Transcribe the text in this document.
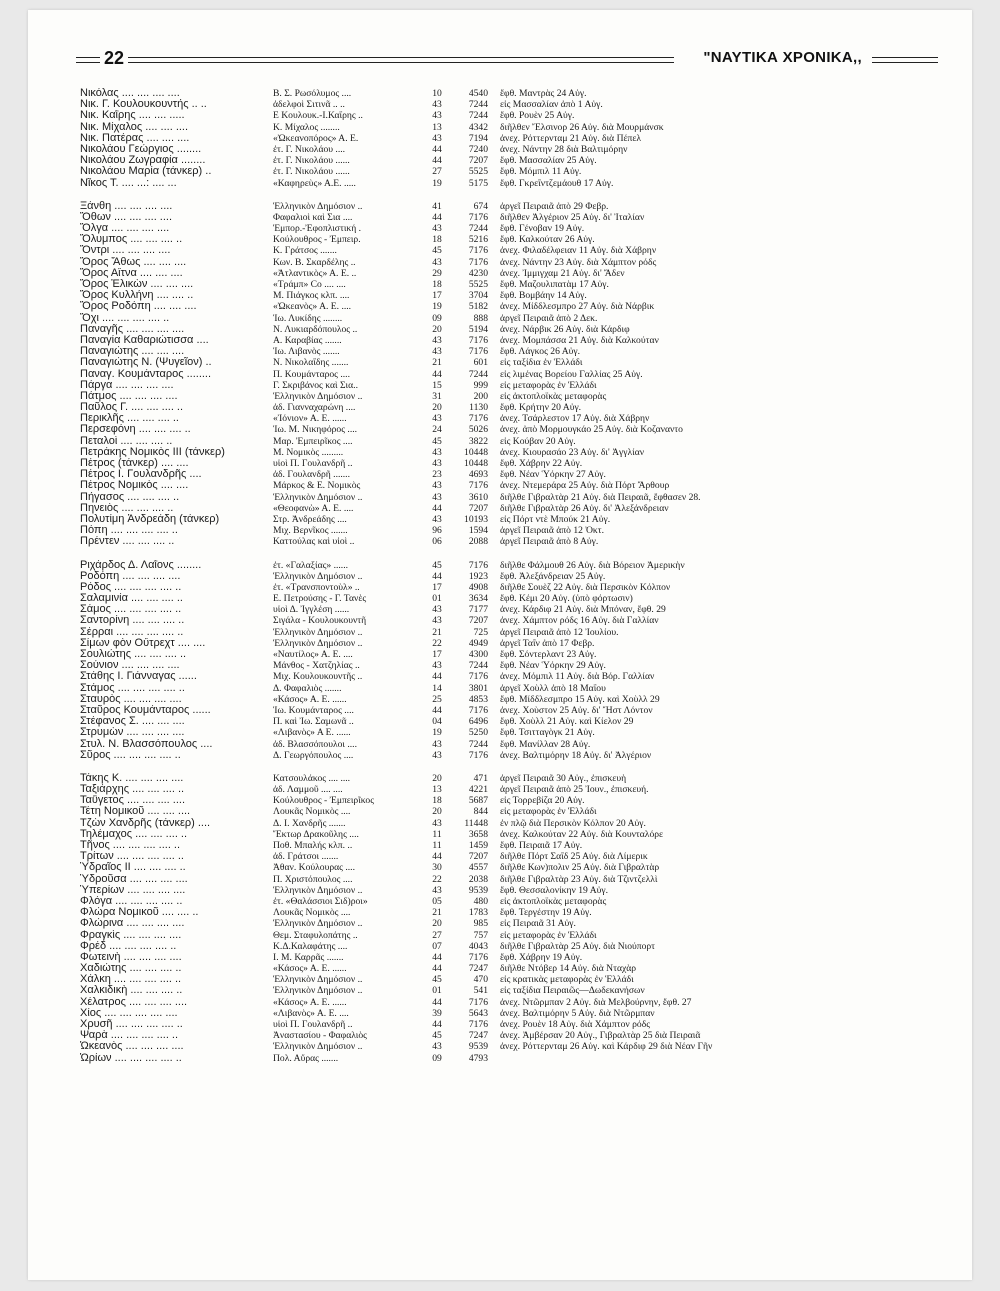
22	"ΝΑΥΤΙΚΑ ΧΡΟΝΙΚΑ,,
Νικόλας .... .... .... ....	Β. Σ. Ρωσόλυμος ....	10	4540	ἔφθ. Μαντρὰς 24 Αὐγ.
Νικ. Γ. Κουλουκουντής .. ..	ἀδελφοὶ Σιτινᾶ .. ..	43	7244	εἰς Μασσαλίαν ἀπὸ 1 Αὐγ.
Νικ. Καΐρης .... .... .....	Ε Κουλουκ.-Ι.Καΐρης ..	43	7244	ἔφθ. Ρουὲν 25 Αὐγ.
Νικ. Μίχαλος .... .... ....	Κ. Μίχαλος ........	13	4342	διῆλθεν Ἔλσινορ 26 Αὐγ. διὰ Μουρμάνσκ
Νικ. Πατέρας .... .... ....	«Ὠκεανοπόρος» Α. Ε.	43	7194	ἀνεχ. Ρόττερνταμ 21 Αὐγ. διὰ Πέπελ
Νικολάου Γεώργιος ........	ἐτ. Γ. Νικολάου ....	44	7240	ἀνεχ. Νάντην 28 διὰ Βαλτιμόρην
Νικολάου Ζωγραφία ........	ἐτ. Γ. Νικολάου ......	44	7207	ἔφθ. Μασσαλίαν 25 Αὐγ.
Νικολάου Μαρία (τάνκερ) ..	ἐτ. Γ. Νικολάου ......	27	5525	ἔφθ. Μόμπιλ 11 Αὐγ.
Νῖκος Τ. .... ...: .... ...	«Καφηρεὺς» Α.Ε. .....	19	5175	ἔφθ. Γκρεΐντζεμάουθ 17 Αὐγ.
Ξάνθη .... .... .... ....	Ἑλληνικὸν Δημόσιον ..	41	674	ἀργεῖ Πειραιᾶ ἀπὸ 29 Φεβρ.
Ὄθων .... .... .... ....	Φαφαλιοὶ καὶ Σια ....	44	7176	διῆλθεν Ἀλγέριον 25 Αὐγ. δι' Ἰταλίαν
Ὄλγα .... .... .... ....	Ἐμπορ.-Ἐφοπλιστική .	43	7244	ἔφθ. Γένοβαν 19 Αὐγ.
Ὄλυμπος .... .... .... ..	Κούλουθρος - Ἐμπειρ.	18	5216	ἔφθ. Καλκούταν 26 Αὐγ.
Ὄντρι .... .... .... ....	Κ. Γράτσος .......	45	7176	ἀνεχ. Φιλαδέλφειαν 11 Αὐγ. διὰ Χάβρην
Ὄρος Ἄθως .... .... ....	Κων. Β. Σκαρδέλης ..	43	7176	ἀνεχ. Νάντην 23 Αὐγ. διὰ Χάμπτον ρόδς
Ὄρος Αἴτνα .... .... ....	«Ἀτλαντικὸς» Α. Ε. ..	29	4230	ἀνεχ. Ἰμμιγχαμ 21 Αὐγ. δι' Ἄδεν
Ὄρος Ἑλικὼν .... .... ....	«Τράμπ» Co .... ....	18	5525	ἔφθ. Μαζουλιπατὰμ 17 Αὐγ.
Ὄρος Κυλλήνη .... .... ..	Μ. Πιάγκος κλπ. ....	17	3704	ἔφθ. Βομβάην 14 Αὐγ.
Ὄρος Ροδόπη .... .... ....	«Ὠκεανὸς» Α. Ε. ....	19	5182	ἀνεχ. Μίδδλεσμπρο 27 Αὐγ. διὰ Νάρβικ
Ὄχι .... .... .... .... ..	Ἰω. Λυκίδης ........	09	888	ἀργεῖ Πειραιᾶ ἀπὸ 2 Δεκ.
Παναγῆς .... .... .... ....	Ν. Λυκιαρδόπουλος ..	20	5194	ἀνεχ. Νάρβικ 26 Αὐγ. διὰ Κάρδιφ
Παναγία Καθαριώτισσα ....	Α. Καραβίας .......	43	7176	ἀνεχ. Μομπάσσα 21 Αὐγ. διὰ Καλκούταν
Παναγιώτης .... .... ....	Ἰω. Λιβανὸς .......	43	7176	ἔφθ. Λάγκος 26 Αὐγ.
Παναγιώτης Ν. (Ψυγεῖον) ..	Ν. Νικολαΐδης .......	21	601	εἰς ταξίδια ἐν Ἑλλάδι
Παναγ. Κουμάνταρος ........	Π. Κουμάνταρος ....	44	7244	εἰς λιμένας Βορείου Γαλλίας 25 Αὐγ.
Πάργα .... .... .... ....	Γ. Σκριβάνος καὶ Σια..	15	999	εἰς μεταφορὰς ἐν Ἑλλάδι
Πάτμος .... .... .... ....	Ἑλληνικὸν Δημόσιον ..	31	200	εἰς ἀκτοπλοϊκὰς μεταφορὰς
Παῦλος Γ. .... .... .... ..	ἀδ. Γιανναχαρώνη ....	20	1130	ἔφθ. Κρήτην 20 Αὐγ.
Περικλῆς .... .... .... ..	«Ἰόνιον» Α. Ε. ......	43	7176	ἀνεχ. Τσάρλεστον 17 Αὐγ. διὰ Χάβρην
Περσεφόνη .... .... .... ..	Ἰω. Μ. Νικηφόρος ....	24	5026	ἀνεχ. ἀπὸ Μορμουγκάο 25 Αὐγ. διὰ Κοζαναντο
Πεταλοὶ .... .... .... ..	Μαρ. Ἐμπειρῖκος ....	45	3822	εἰς Κούβαν 20 Αὐγ.
Πετράκης Νομικὸς ΙΙΙ (τάνκερ)	Μ. Νομικὸς .........	43	10448	ἀνεχ. Κιουρασάο 23 Αὐγ. δι' Ἀγγλίαν
Πέτρος (τάνκερ) .... ....	υἱοὶ Π. Γουλανδρῆ ..	43	10448	ἔφθ. Χάβρην 22 Αὐγ.
Πέτρος Ι. Γουλανδρῆς ....	ἀδ. Γουλανδρῆ .......	23	4693	ἔφθ. Νέαν Ὑόρκην 27 Αὐγ.
Πέτρος Νομικὸς .... ....	Μάρκος & Ε. Νομικὸς	43	7176	ἀνεχ. Ντεμεράρα 25 Αὐγ. διὰ Πόρτ Ἄρθουρ
Πήγασος .... .... .... ..	Ἑλληνικὸν Δημόσιον ..	43	3610	διῆλθε Γιβραλτὰρ 21 Αὐγ. διὰ Πειραιᾶ, ἔφθασεν 28.
Πηνειὸς .... .... .... ..	«Θεοφανὼ» Α. Ε. ....	44	7207	διῆλθε Γιβραλτὰρ 26 Αὐγ. δι' Ἀλεξάνδρειαν
Πολυτίμη Ἀνδρεάδη (τάνκερ)	Στρ. Ἀνδρεάδης ....	43	10193	εἰς Πόρτ ντὲ Μπούκ 21 Αὐγ.
Πόπη .... .... .... .... ..	Μιχ. Βερνῖκος .......	96	1594	ἀργεῖ Πειραιᾶ ἀπὸ 12 Ὀκτ.
Πρέντεν .... .... .... ..	Καττούλας καὶ υἱοὶ ..	06	2088	ἀργεῖ Πειραιᾶ ἀπὸ 8 Αὐγ.
Ριχάρδος Δ. Λαΐονς ........	ἐτ. «Γαλαξίας» ......	45	7176	διῆλθε Φάλμουθ 26 Αὐγ. διὰ Βόρειον Ἀμερικὴν
Ροδόπη .... .... .... ....	Ἑλληνικὸν Δημόσιον ..	44	1923	ἔφθ. Ἀλεξάνδρειαν 25 Αὐγ.
Ρόδος .... .... .... .... ..	ἐτ. «Τρανσποντοὺλ» ..	17	4908	διῆλθε Σουὲζ 22 Αὐγ. διὰ Περσικὸν Κόλπον
Σαλαμινία .... .... .... ..	Ε. Πετρούσης - Γ. Τανὲς	01	3634	ἔφθ. Κέμι 20 Αὐγ. (ὑπὸ φόρτωσιν)
Σάμος .... .... .... .... ..	υἱοὶ Δ. Ἰγγλέση ......	43	7177	ἀνεχ. Κάρδιφ 21 Αὐγ. διὰ Μπόναν, ἔφθ. 29
Σαντορίνη .... .... .... ..	Σιγάλα - Κουλουκουντῆ	43	7207	ἀνεχ. Χάμπτον ρόδς 16 Αὐγ. διὰ Γαλλίαν
Σέρραι .... .... .... .... ..	Ἑλληνικὸν Δημόσιον ..	21	725	ἀργεῖ Πειραιᾶ ἀπὸ 12 Ἰουλίου.
Σίμων φὸν Οὔτρεχτ .... ....	Ἑλληνικὸν Δημόσιον ..	22	4949	ἀργεῖ Ταΐν ἀπὸ 17 Φεβρ.
Σουλιώτης .... .... .... ..	«Ναυτίλος» Α. Ε. ....	17	4300	ἔφθ. Σόντερλαντ 23 Αὐγ.
Σούνιον .... .... .... ....	Μάνθος - Χατζηλίας ..	43	7244	ἔφθ. Νέαν Ὑόρκην 29 Αὐγ.
Στάθης Ι. Γιάνναγας ......	Μιχ. Κουλουκουντῆς ..	44	7176	ἀνεχ. Μόμπιλ 11 Αὐγ. διὰ Βόρ. Γαλλίαν
Στάμος .... .... .... .... ..	Δ. Φαφαλιὸς .......	14	3801	ἀργεῖ Χοὺλλ ἀπὸ 18 Μαΐου
Σταυρὸς .... .... .... ....	«Κάσος» Α. Ε. ......	25	4853	ἔφθ. Μίδδλεσμπρο 15 Αὐγ. καὶ Χοὺλλ 29
Σταῦρος Κουμάνταρος ......	Ἰω. Κουμάνταρος ....	44	7176	ἀνεχ. Χοὺστον 25 Αὐγ. δι' Ἤστ Λόντον
Στέφανος Σ. .... .... ....	Π. καὶ Ἰω. Σαμωνᾶ ..	04	6496	ἔφθ. Χοὺλλ 21 Αὐγ. καὶ Κίελον 29
Στρυμὼν .... .... .... ....	«Λιβανὸς» Α Ε. ......	19	5250	ἔφθ. Τσιτταγὸγκ 21 Αὐγ.
Στυλ. Ν. Βλασσόπουλος ....	ἀδ. Βλασσόπουλοι ....	43	7244	ἔφθ. Μανίλλαν 28 Αὐγ.
Σῦρος .... .... .... .... ..	Δ. Γεωργόπουλος ....	43	7176	ἀνεχ. Βαλτιμόρην 18 Αὐγ. δι' Ἀλγέριον
Τάκης Κ. .... .... .... ....	Κατσουλάκος .... ....	20	471	ἀργεῖ Πειραιᾶ 30 Αὐγ., ἐπισκευὴ
Ταξιάρχης .... .... .... ..	ἀδ. Λαμμοῦ .... ....	13	4221	ἀργεῖ Πειραιᾶ ἀπὸ 25 Ἰουν., ἐπισκευή.
Ταΰγετος .... .... .... ....	Κούλουθρος - Ἐμπειρῖκος	18	5687	εἰς Τορρεβίζα 20 Αὐγ.
Τέτη Νομικοῦ .... .... ....	Λουκᾶς Νομικὸς ....	20	844	εἰς μεταφορὰς ἐν Ἑλλάδι
Τζὼν Χανδρῆς (τάνκερ) ....	Δ. Ι. Χανδρῆς .......	43	11448	ἐν πλῷ διὰ Περσικὸν Κόλπον 20 Αὐγ.
Τηλέμαχος .... .... .... ..	Ἕκτωρ Δρακοῦλης ....	11	3658	ἀνεχ. Καλκούταν 22 Αὐγ. διὰ Κουνταλόρε
Τῆνος .... .... .... .... ..	Ποθ. Μπαλής κλπ. ..	11	1459	ἔφθ. Πειραιᾶ 17 Αὐγ.
Τρίτων .... .... .... .... ..	ἀδ. Γράτσοι .......	44	7207	διῆλθε Πόρτ Σαΐδ 25 Αὐγ. διὰ Λίμερικ
Ὑδραῖος ΙΙ .... .... .... ..	Ἀθαν. Κούλουρας ....	30	4557	διῆλθε Κων)πολιν 25 Αὐγ. διὰ Γιβραλτὰρ
Ὑδροῦσα .... .... .... ....	Π. Χριστόπουλος ....	22	2038	διῆλθε Γιβραλτὰρ 23 Αὐγ. διὰ Τζιντζελλὶ
Ὑπερίων .... .... .... ....	Ἑλληνικὸν Δημόσιον ..	43	9539	ἔφθ. Θεσσαλονίκην 19 Αὐγ.
Φλόγα .... .... .... .... ..	ἐτ. «Θαλάσσιοι Σιδ)ροι»	05	480	εἰς ἀκτοπλοϊκὰς μεταφορὰς
Φλώρα Νομικοῦ .... .... ..	Λουκᾶς Νομικὸς ....	21	1783	ἔφθ. Τεργέστην 19 Αὐγ.
Φλώρινα .... .... .... ....	Ἑλληνικὸν Δημόσιον ..	20	985	εἰς Πειραιᾶ 31 Αὐγ.
Φραγκὶς .... .... .... ....	Θεμ. Σταφυλοπάτης ..	27	757	εἰς μεταφορὰς ἐν Ἑλλάδι
Φρέδ .... .... .... .... ..	Κ.Δ.Καλαφάτης ....	07	4043	διῆλθε Γιβραλτὰρ 25 Αὐγ. διὰ Νιούπορτ
Φωτεινὴ .... .... .... ....	Ι. Μ. Καρρᾶς .......	44	7176	ἔφθ. Χάβρην 19 Αὐγ.
Χαδιώτης .... .... .... ..	«Κάσος» Α. Ε. ......	44	7247	διῆλθε Ντόβερ 14 Αὐγ. διὰ Νταχὰρ
Χάλκη .... .... .... .... ..	Ἑλληνικὸν Δημόσιον ..	45	470	εἰς κρατικὰς μεταφορὰς ἐν Ἑλλάδι
Χαλκιδικὴ .... .... .... ..	Ἑλληνικὸν Δημόσιον ..	01	541	εἰς ταξίδια Πειραιῶς—Δωδεκανήσων
Χέλατρος .... .... .... ....	«Κάσος» Α. Ε. ......	44	7176	ἀνεχ. Ντῶρμπαν 2 Αὐγ. διὰ Μελβούρνην, ἔφθ. 27
Χίος .... .... .... .... ....	«Λιβανὸς» Α. Ε. ....	39	5643	ἀνεχ. Βαλτιμόρην 5 Αὐγ. διὰ Ντῶρμπαν
Χρυσῆ .... .... .... .... ..	υἱοὶ Π. Γουλανδρῆ ..	44	7176	ἀνεχ. Ρουὲν 18 Αὐγ. διὰ Χάμπτον ρόδς
Ψαρὰ .... .... .... .... ..	Ἀναστασίου - Φαφαλιὸς	45	7247	ἀνεχ. Ἀμβέρσαν 20 Αὐγ., Γιβραλτὰρ 25 διὰ Πειραιᾶ
Ὠκεανὸς .... .... .... ....	Ἑλληνικὸν Δημόσιον ..	43	9539	ἀνεχ. Ρόττερνταμ 26 Αὐγ. καὶ Κάρδιφ 29 διὰ Νέαν Γῆν
Ὡρίων .... .... .... .... ..	Πολ. Αὔρας .......	09	4793
